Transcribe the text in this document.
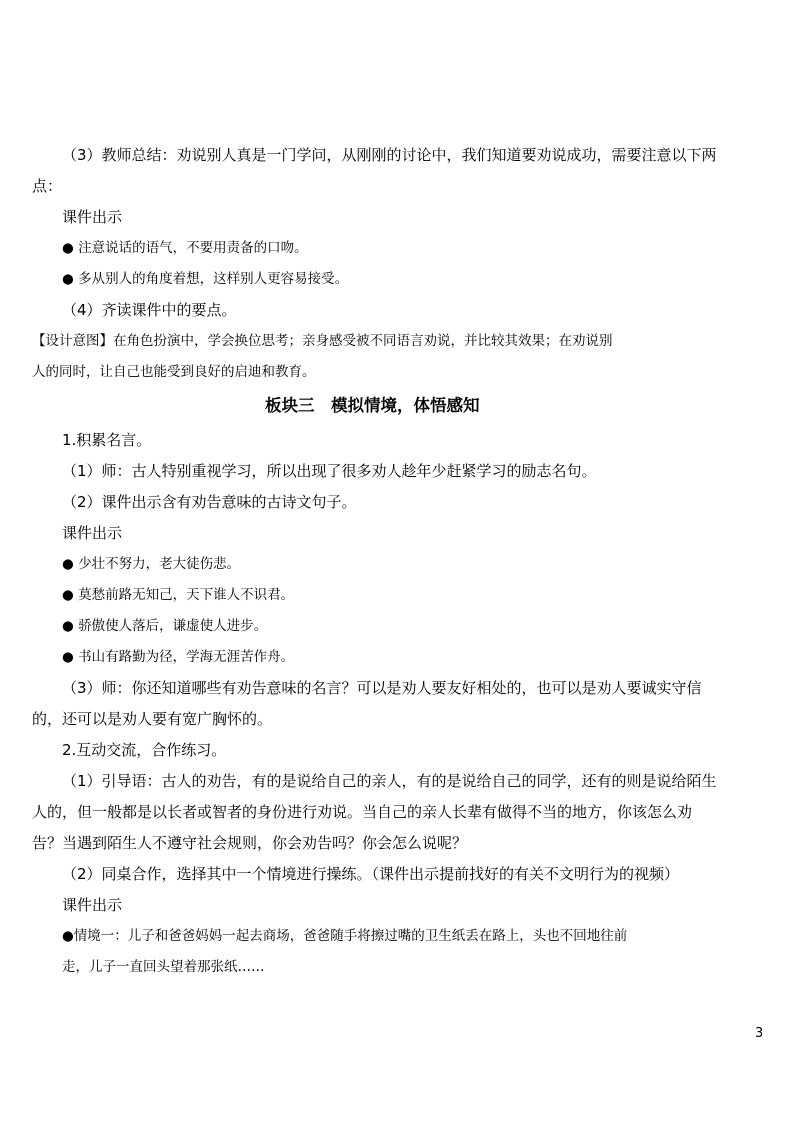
（3）教师总结：劝说别人真是一门学问，从刚刚的讨论中，我们知道要劝说成功，需要注意以下两
点：
课件出示
● 注意说话的语气，不要用责备的口吻。
● 多从别人的角度着想，这样别人更容易接受。
（4）齐读课件中的要点。
【设计意图】在角色扮演中，学会换位思考；亲身感受被不同语言劝说，并比较其效果；在劝说别
人的同时，让自己也能受到良好的启迪和教育。
板块三　模拟情境，体悟感知
1.积累名言。
（1）师：古人特别重视学习，所以出现了很多劝人趁年少赶紧学习的励志名句。
（2）课件出示含有劝告意味的古诗文句子。
课件出示
● 少壮不努力，老大徒伤悲。
● 莫愁前路无知己，天下谁人不识君。
● 骄傲使人落后，谦虚使人进步。
● 书山有路勤为径，学海无涯苦作舟。
（3）师：你还知道哪些有劝告意味的名言？可以是劝人要友好相处的，也可以是劝人要诚实守信
的，还可以是劝人要有宽广胸怀的。
2.互动交流，合作练习。
（1）引导语：古人的劝告，有的是说给自己的亲人，有的是说给自己的同学，还有的则是说给陌生
人的，但一般都是以长者或智者的身份进行劝说。当自己的亲人长辈有做得不当的地方，你该怎么劝
告？当遇到陌生人不遵守社会规则，你会劝告吗？你会怎么说呢？
（2）同桌合作，选择其中一个情境进行操练。（课件出示提前找好的有关不文明行为的视频）
课件出示
●情境一：儿子和爸爸妈妈一起去商场，爸爸随手将擦过嘴的卫生纸丢在路上，头也不回地往前
走，儿子一直回头望着那张纸……
3
